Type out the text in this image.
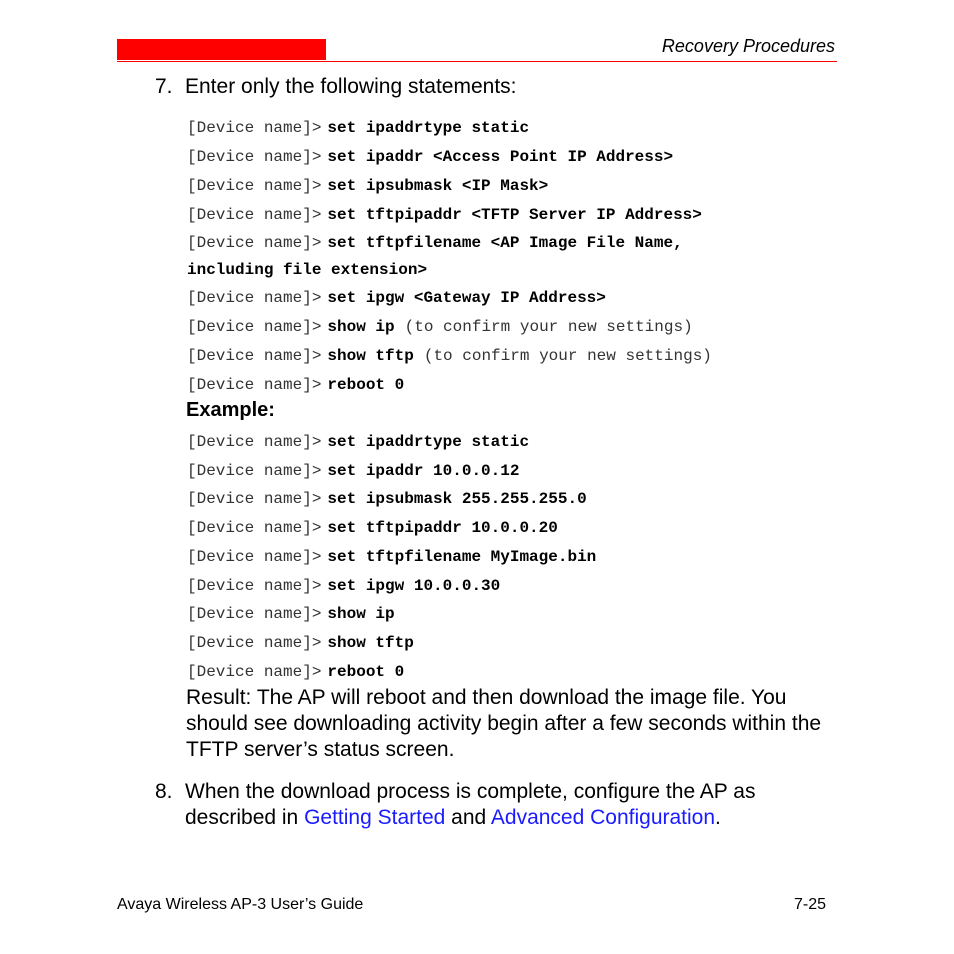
Recovery Procedures
7. Enter only the following statements:
[Device name]> set ipaddrtype static
[Device name]> set ipaddr <Access Point IP Address>
[Device name]> set ipsubmask <IP Mask>
[Device name]> set tftpipaddr <TFTP Server IP Address>
[Device name]> set tftpfilename <AP Image File Name,
including file extension>
[Device name]> set ipgw <Gateway IP Address>
[Device name]> show ip (to confirm your new settings)
[Device name]> show tftp (to confirm your new settings)
[Device name]> reboot 0
Example:
[Device name]> set ipaddrtype static
[Device name]> set ipaddr 10.0.0.12
[Device name]> set ipsubmask 255.255.255.0
[Device name]> set tftpipaddr 10.0.0.20
[Device name]> set tftpfilename MyImage.bin
[Device name]> set ipgw 10.0.0.30
[Device name]> show ip
[Device name]> show tftp
[Device name]> reboot 0
Result: The AP will reboot and then download the image file. You should see downloading activity begin after a few seconds within the TFTP server’s status screen.
8. When the download process is complete, configure the AP as described in Getting Started and Advanced Configuration.
Avaya Wireless AP-3 User’s Guide	7-25
